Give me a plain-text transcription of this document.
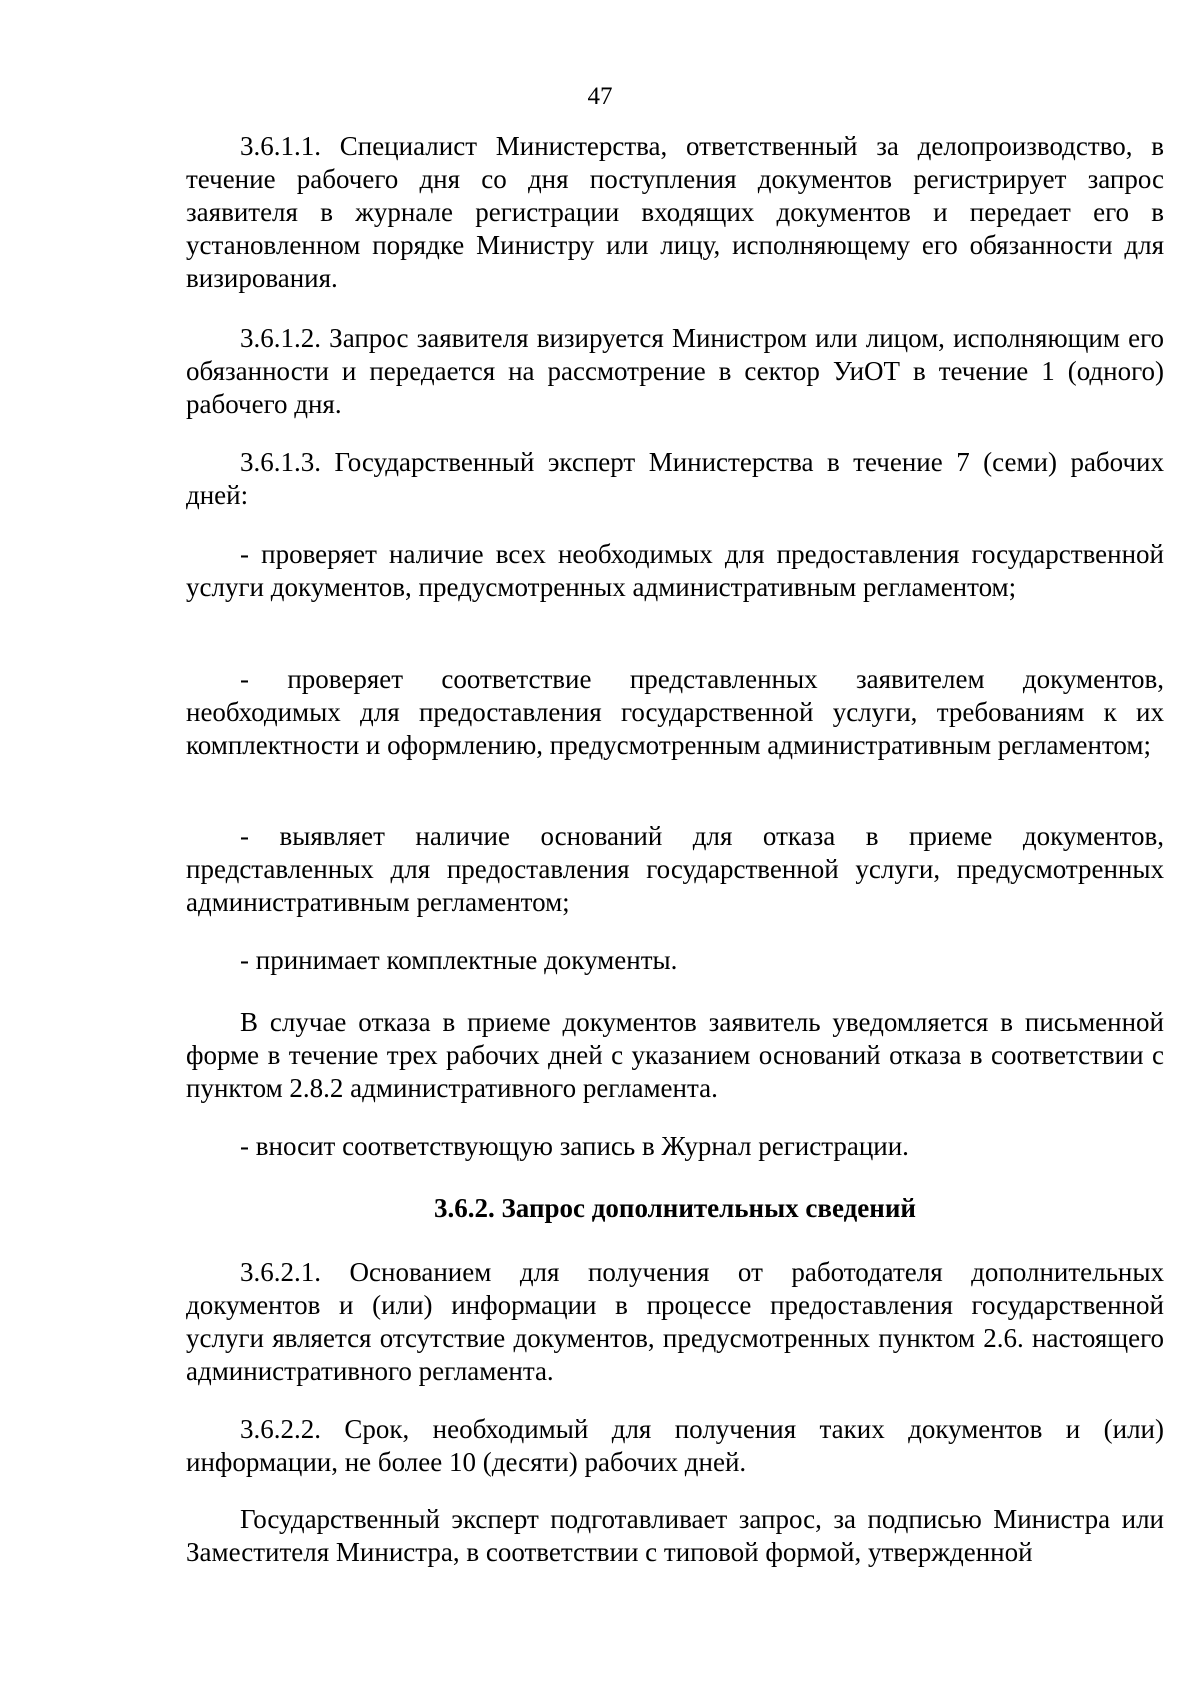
47

3.6.1.1. Специалист Министерства, ответственный за делопроизводство, в течение рабочего дня со дня поступления документов регистрирует запрос заявителя в журнале регистрации входящих документов и передает его в установленном порядке Министру или лицу, исполняющему его обязанности для визирования.

3.6.1.2. Запрос заявителя визируется Министром или лицом, исполняющим его обязанности и передается на рассмотрение в сектор УиОТ в течение 1 (одного) рабочего дня.

3.6.1.3. Государственный эксперт Министерства в течение 7 (семи) рабочих дней:

- проверяет наличие всех необходимых для предоставления государственной услуги документов, предусмотренных административным регламентом;

- проверяет соответствие представленных заявителем документов, необходимых для предоставления государственной услуги, требованиям к их комплектности и оформлению, предусмотренным административным регламентом;

- выявляет наличие оснований для отказа в приеме документов, представленных для предоставления государственной услуги, предусмотренных административным регламентом;

- принимает комплектные документы.

В случае отказа в приеме документов заявитель уведомляется в письменной форме в течение трех рабочих дней с указанием оснований отказа в соответствии с пунктом 2.8.2 административного регламента.

- вносит соответствующую запись в Журнал регистрации.

3.6.2. Запрос дополнительных сведений

3.6.2.1. Основанием для получения от работодателя дополнительных документов и (или) информации в процессе предоставления государственной услуги является отсутствие документов, предусмотренных пунктом 2.6. настоящего административного регламента.

3.6.2.2. Срок, необходимый для получения таких документов и (или) информации, не более 10 (десяти) рабочих дней.

Государственный эксперт подготавливает запрос, за подписью Министра или Заместителя Министра, в соответствии с типовой формой, утвержденной
